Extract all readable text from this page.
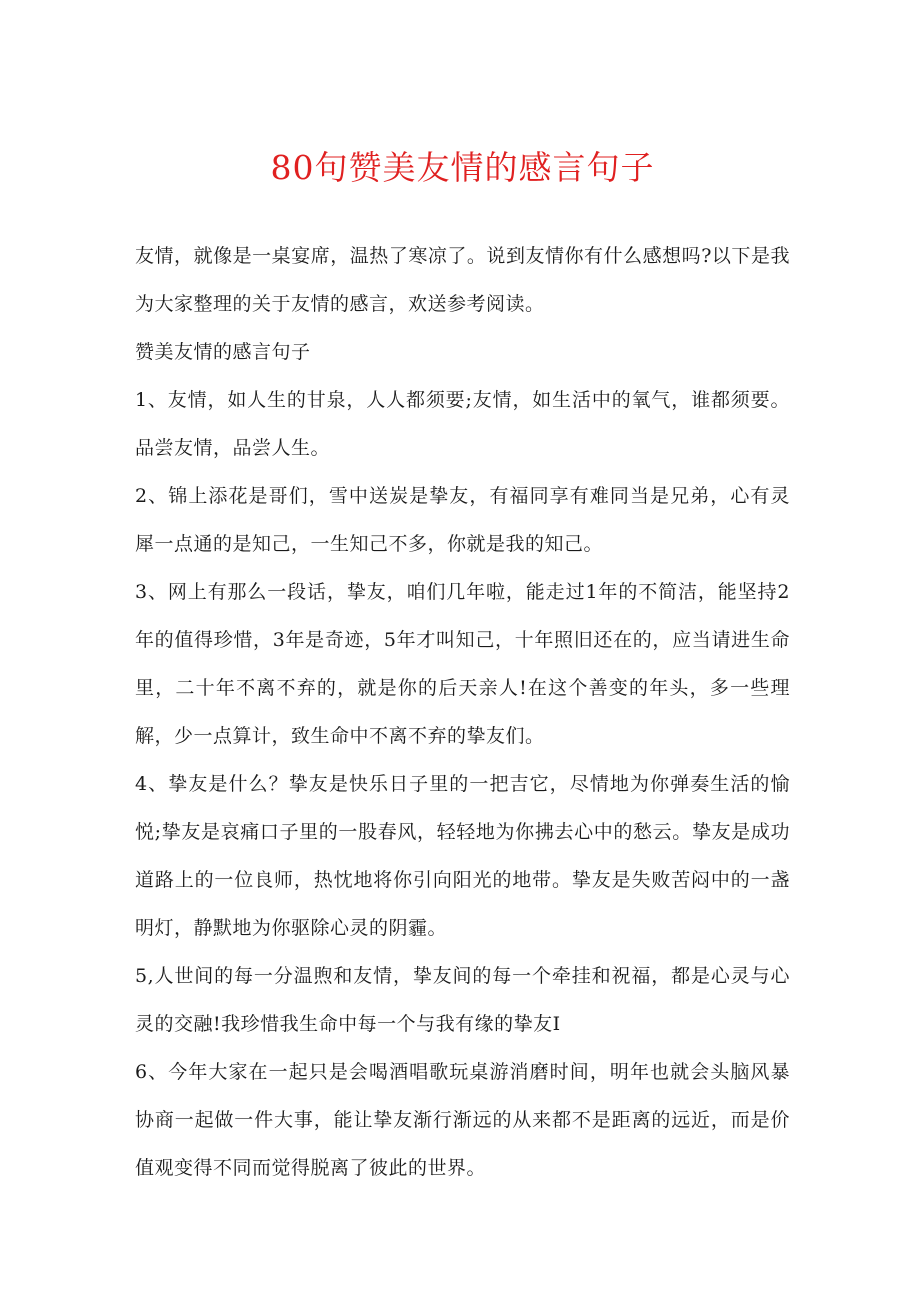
80句赞美友情的感言句子

友情，就像是一桌宴席，温热了寒凉了。说到友情你有什么感想吗?以下是我为大家整理的关于友情的感言，欢送参考阅读。

赞美友情的感言句子

1、友情，如人生的甘泉，人人都须要;友情，如生活中的氧气，谁都须要。品尝友情，品尝人生。

2、锦上添花是哥们，雪中送炭是挚友，有福同享有难同当是兄弟，心有灵犀一点通的是知己，一生知己不多，你就是我的知己。

3、网上有那么一段话，挚友，咱们几年啦，能走过1年的不简洁，能坚持2年的值得珍惜，3年是奇迹，5年才叫知己，十年照旧还在的，应当请进生命里，二十年不离不弃的，就是你的后天亲人!在这个善变的年头，多一些理解，少一点算计，致生命中不离不弃的挚友们。

4、挚友是什么？挚友是快乐日子里的一把吉它，尽情地为你弹奏生活的愉悦;挚友是哀痛口子里的一股春风，轻轻地为你拂去心中的愁云。挚友是成功道路上的一位良师，热忱地将你引向阳光的地带。挚友是失败苦闷中的一盏明灯，静默地为你驱除心灵的阴霾。

5,人世间的每一分温煦和友情，挚友间的每一个牵挂和祝福，都是心灵与心灵的交融!我珍惜我生命中每一个与我有缘的挚友I

6、今年大家在一起只是会喝酒唱歌玩桌游消磨时间，明年也就会头脑风暴协商一起做一件大事，能让挚友渐行渐远的从来都不是距离的远近，而是价值观变得不同而觉得脱离了彼此的世界。
